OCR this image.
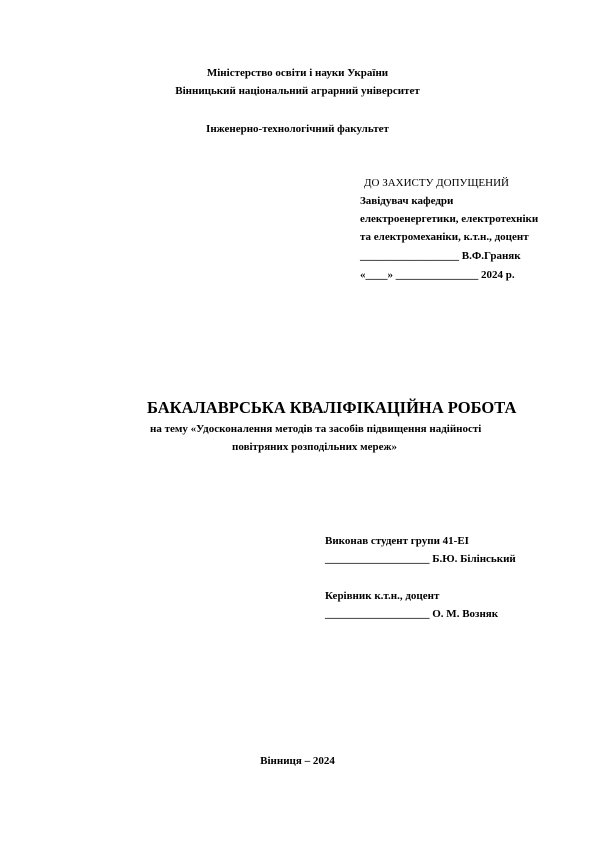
Міністерство освіти і науки України
Вінницький національний аграрний університет
Інженерно-технологічний факультет
ДО ЗАХИСТУ ДОПУЩЕНИЙ
Завідувач кафедри
електроенергетики, електротехніки
та електромеханіки, к.т.н., доцент
__________________ В.Ф.Граняк
«____» _______________ 2024 р.
БАКАЛАВРСЬКА КВАЛІФІКАЦІЙНА РОБОТА
на тему «Удосконалення методів та засобів підвищення надійності
повітряних розподільних мереж»
Виконав студент групи 41-ЕІ
___________________ Б.Ю. Білінський
Керівник к.т.н., доцент
___________________ О. М. Возняк
Вінниця – 2024
